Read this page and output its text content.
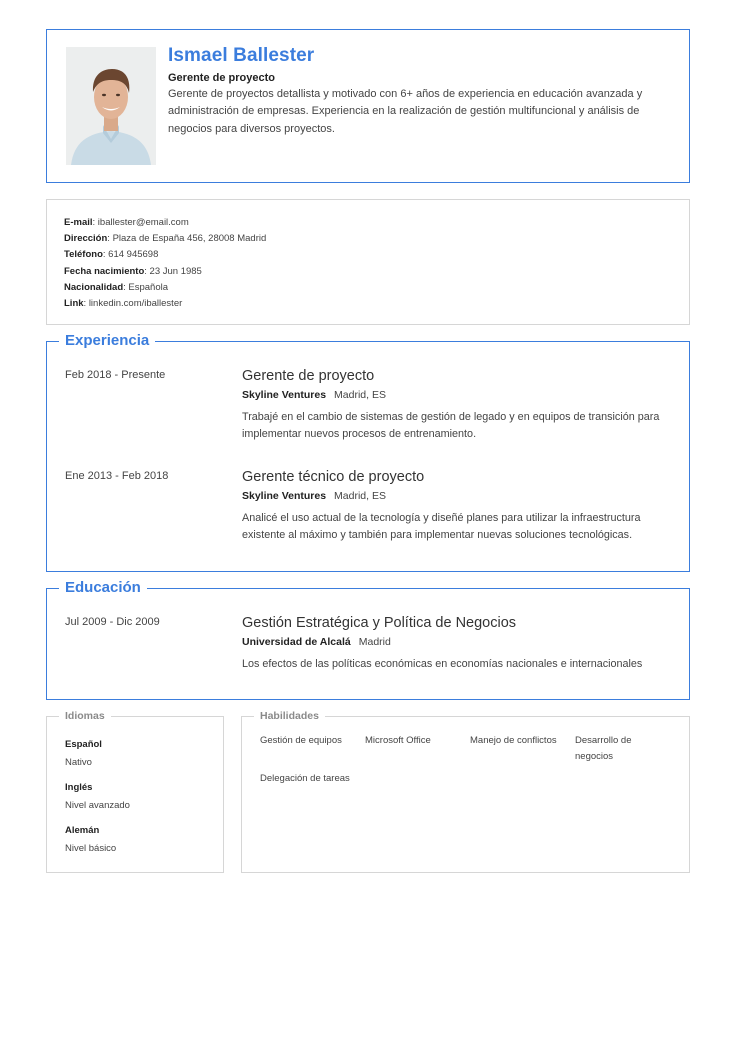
Ismael Ballester
Gerente de proyecto
Gerente de proyectos detallista y motivado con 6+ años de experiencia en educación avanzada y administración de empresas. Experiencia en la realización de gestión multifuncional y análisis de negocios para diversos proyectos.
E-mail: iballester@email.com
Dirección: Plaza de España 456, 28008 Madrid
Teléfono: 614 945698
Fecha nacimiento: 23 Jun 1985
Nacionalidad: Española
Link: linkedin.com/iballester
Experiencia
Feb 2018 - Presente	Gerente de proyecto
Skyline Ventures Madrid, ES
Trabajé en el cambio de sistemas de gestión de legado y en equipos de transición para implementar nuevos procesos de entrenamiento.
Ene 2013 - Feb 2018	Gerente técnico de proyecto
Skyline Ventures Madrid, ES
Analicé el uso actual de la tecnología y diseñé planes para utilizar la infraestructura existente al máximo y también para implementar nuevas soluciones tecnológicas.
Educación
Jul 2009 - Dic 2009	Gestión Estratégica y Política de Negocios
Universidad de Alcalá Madrid
Los efectos de las políticas económicas en economías nacionales e internacionales
Idiomas
Español
Nativo
Inglés
Nivel avanzado
Alemán
Nivel básico
Habilidades
Gestión de equipos	Microsoft Office	Manejo de conflictos	Desarrollo de negocios
Delegación de tareas
